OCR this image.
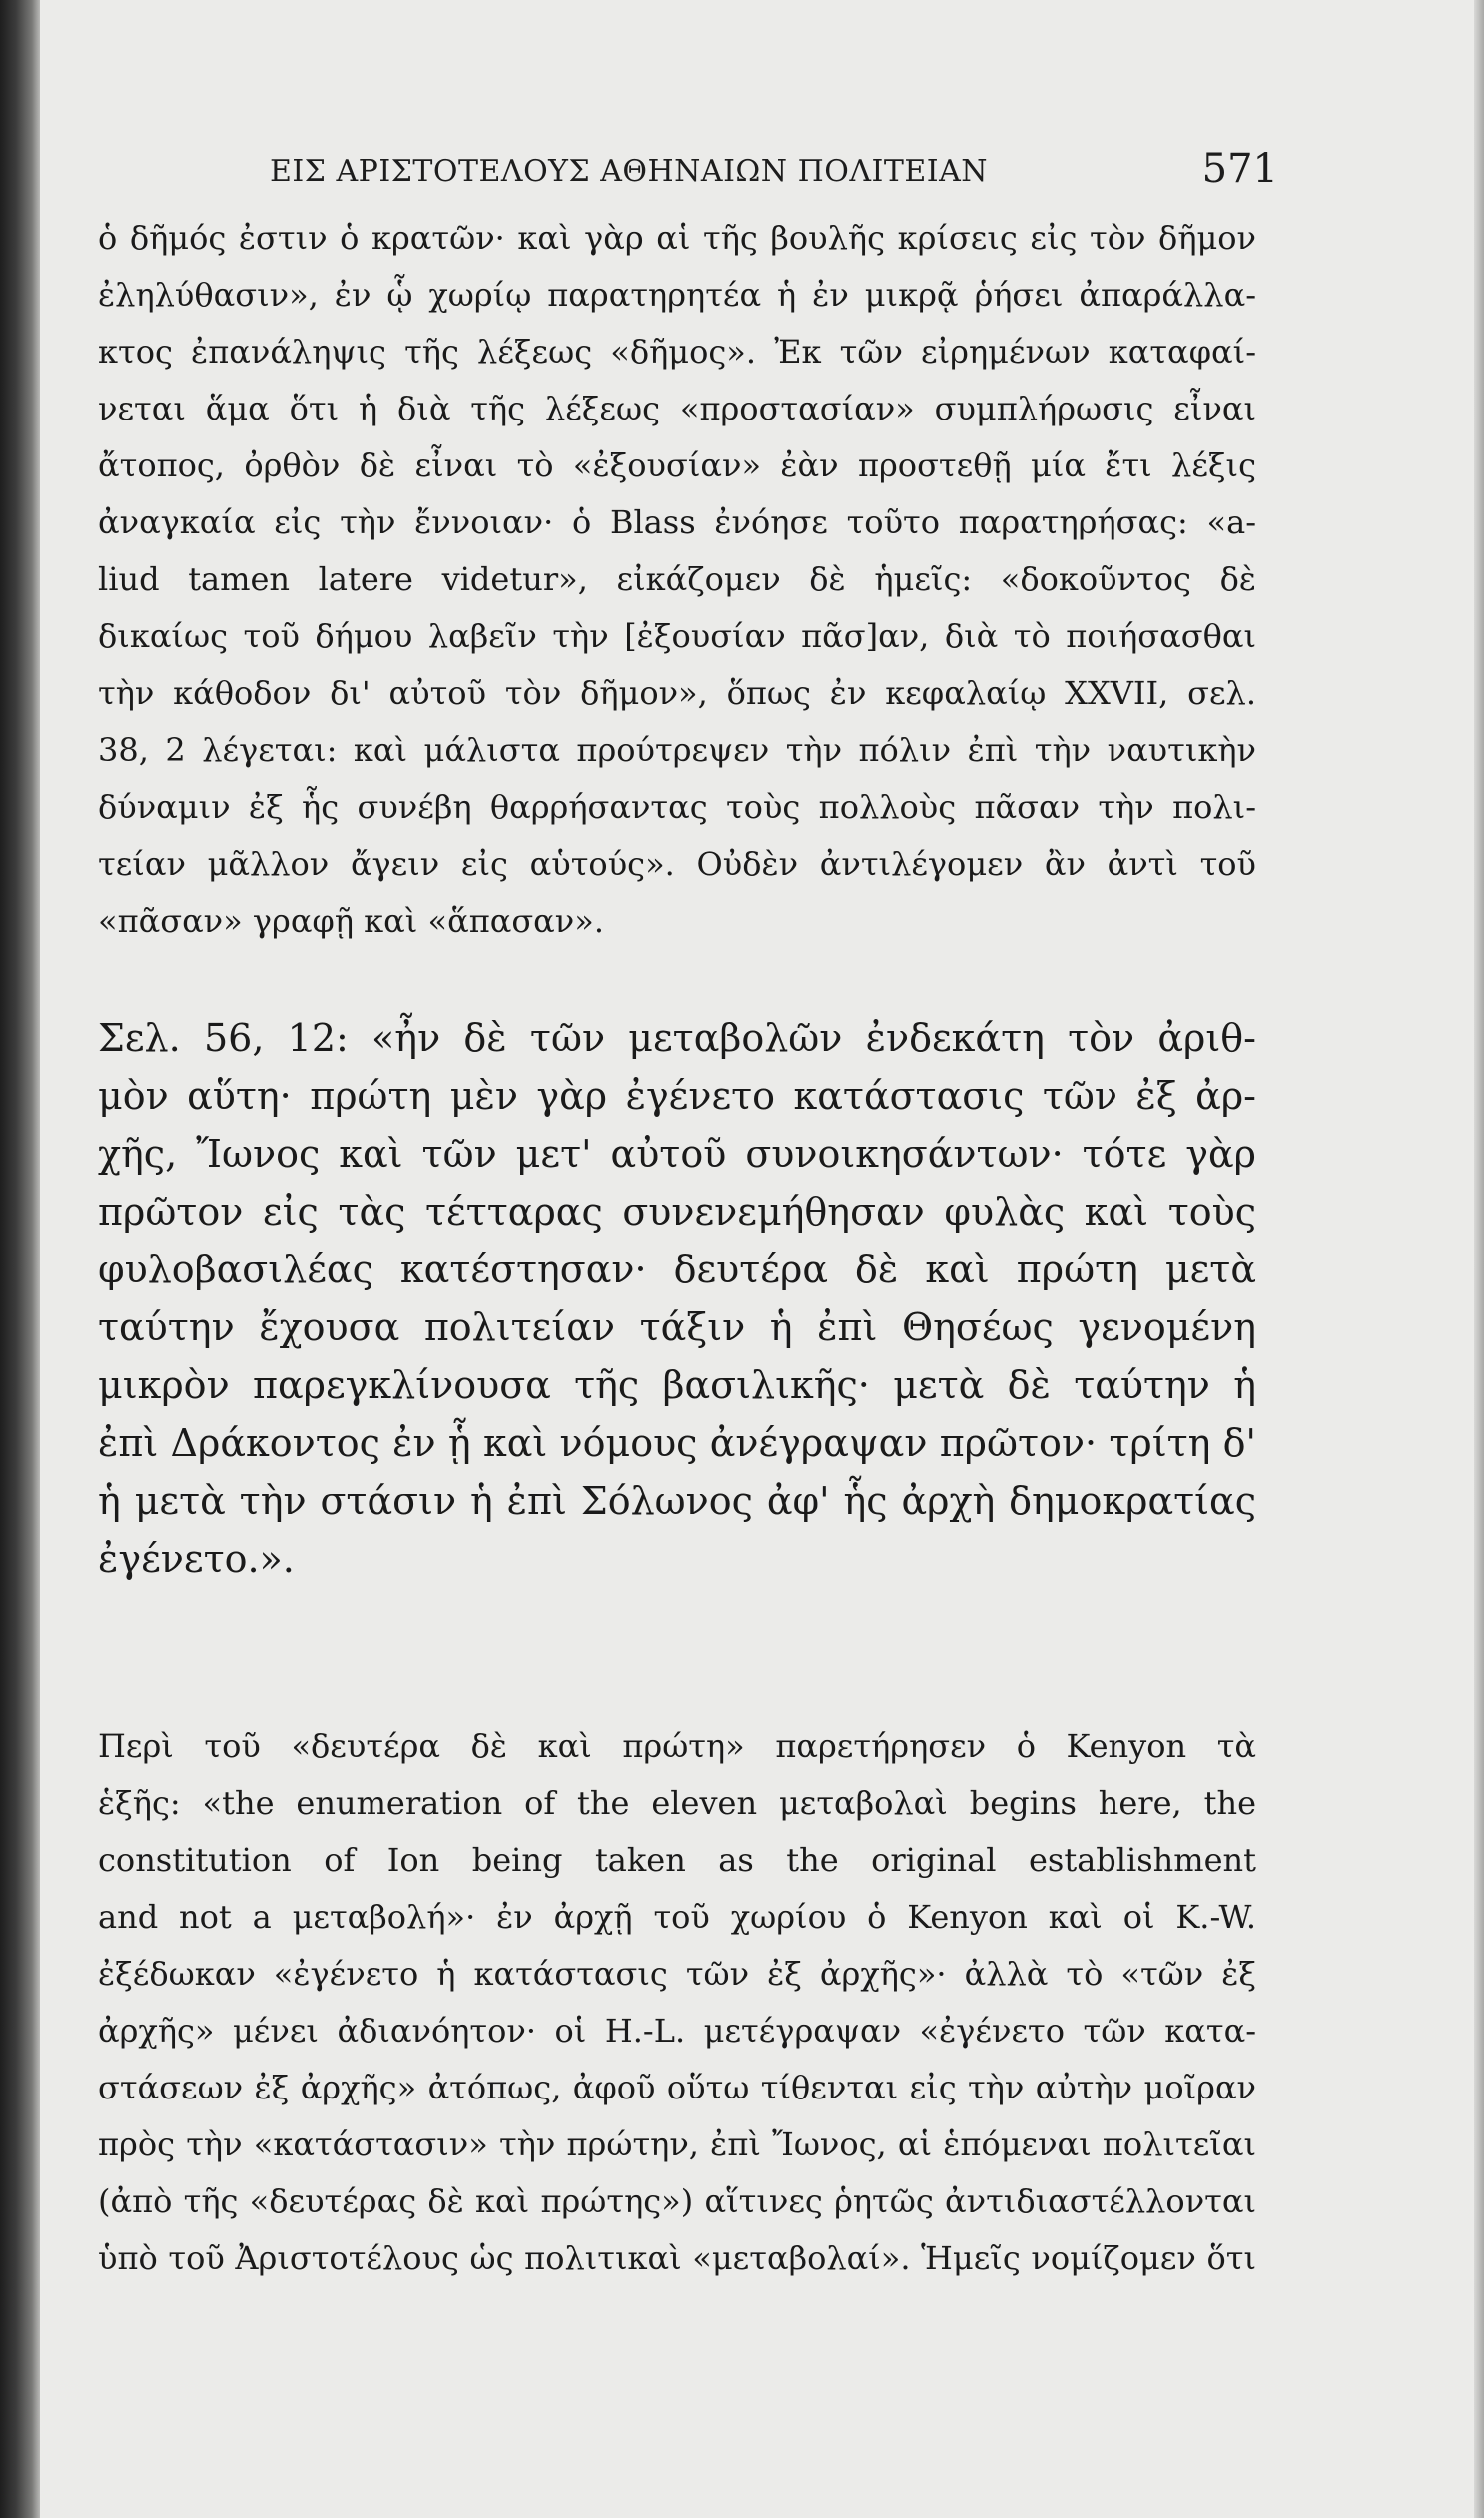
ΕΙΣ ΑΡΙΣΤΟΤΕΛΟΥΣ ΑΘΗΝΑΙΩΝ ΠΟΛΙΤΕΙΑΝ	571
ὁ δῆμός ἐστιν ὁ κρατῶν· καὶ γὰρ αἱ τῆς βουλῆς κρίσεις εἰς τὸν δῆμον
ἐληλύθασιν», ἐν ᾧ χωρίῳ παρατηρητέα ἡ ἐν μικρᾷ ῥήσει ἀπαράλλα-
κτος ἐπανάληψις τῆς λέξεως «δῆμος». Ἐκ τῶν εἰρημένων καταφαί-
νεται ἅμα ὅτι ἡ διὰ τῆς λέξεως «προστασίαν» συμπλήρωσις εἶναι
ἄτοπος, ὀρθὸν δὲ εἶναι τὸ «ἐξουσίαν» ἐὰν προστεθῇ μία ἔτι λέξις
ἀναγκαία εἰς τὴν ἔννοιαν· ὁ Blass ἐνόησε τοῦτο παρατηρήσας: «a-
liud tamen latere videtur», εἰκάζομεν δὲ ἡμεῖς: «δοκοῦντος δὲ
δικαίως τοῦ δήμου λαβεῖν τὴν [ἐξουσίαν πᾶσ]αν, διὰ τὸ ποιήσασθαι
τὴν κάθοδον δι' αὐτοῦ τὸν δῆμον», ὅπως ἐν κεφαλαίῳ XXVII, σελ.
38, 2 λέγεται: καὶ μάλιστα προύτρεψεν τὴν πόλιν ἐπὶ τὴν ναυτικὴν
δύναμιν ἐξ ἧς συνέβη θαρρήσαντας τοὺς πολλοὺς πᾶσαν τὴν πολι-
τείαν μᾶλλον ἄγειν εἰς αὑτούς». Οὐδὲν ἀντιλέγομεν ἂν ἀντὶ τοῦ
«πᾶσαν» γραφῇ καὶ «ἅπασαν».
Σελ. 56, 12: «ἦν δὲ τῶν μεταβολῶν ἐνδεκάτη τὸν ἀριθ-
μὸν αὕτη· πρώτη μὲν γὰρ ἐγένετο κατάστασις τῶν ἐξ ἀρ-
χῆς, Ἴωνος καὶ τῶν μετ' αὐτοῦ συνοικησάντων· τότε γὰρ
πρῶτον εἰς τὰς τέτταρας συνενεμήθησαν φυλὰς καὶ τοὺς
φυλοβασιλέας κατέστησαν· δευτέρα δὲ καὶ πρώτη μετὰ
ταύτην ἔχουσα πολιτείαν τάξιν ἡ ἐπὶ Θησέως γενομένη
μικρὸν παρεγκλίνουσα τῆς βασιλικῆς· μετὰ δὲ ταύτην ἡ
ἐπὶ Δράκοντος ἐν ᾗ καὶ νόμους ἀνέγραψαν πρῶτον· τρίτη δ'
ἡ μετὰ τὴν στάσιν ἡ ἐπὶ Σόλωνος ἀφ' ἧς ἀρχὴ δημοκρατίας
ἐγένετο.».
Περὶ τοῦ «δευτέρα δὲ καὶ πρώτη» παρετήρησεν ὁ Kenyon τὰ
ἑξῆς: «the enumeration of the eleven μεταβολαὶ begins here, the
constitution of Ion being taken as the original establishment
and not a μεταβολή»· ἐν ἀρχῇ τοῦ χωρίου ὁ Kenyon καὶ οἱ K.-W.
ἐξέδωκαν «ἐγένετο ἡ κατάστασις τῶν ἐξ ἀρχῆς»· ἀλλὰ τὸ «τῶν ἐξ
ἀρχῆς» μένει ἀδιανόητον· οἱ H.-L. μετέγραψαν «ἐγένετο τῶν κατα-
στάσεων ἐξ ἀρχῆς» ἀτόπως, ἀφοῦ οὕτω τίθενται εἰς τὴν αὐτὴν μοῖραν
πρὸς τὴν «κατάστασιν» τὴν πρώτην, ἐπὶ Ἴωνος, αἱ ἑπόμεναι πολιτεῖαι
(ἀπὸ τῆς «δευτέρας δὲ καὶ πρώτης») αἵτινες ῥητῶς ἀντιδιαστέλλονται
ὑπὸ τοῦ Ἀριστοτέλους ὡς πολιτικαὶ «μεταβολαί». Ἡμεῖς νομίζομεν ὅτι
